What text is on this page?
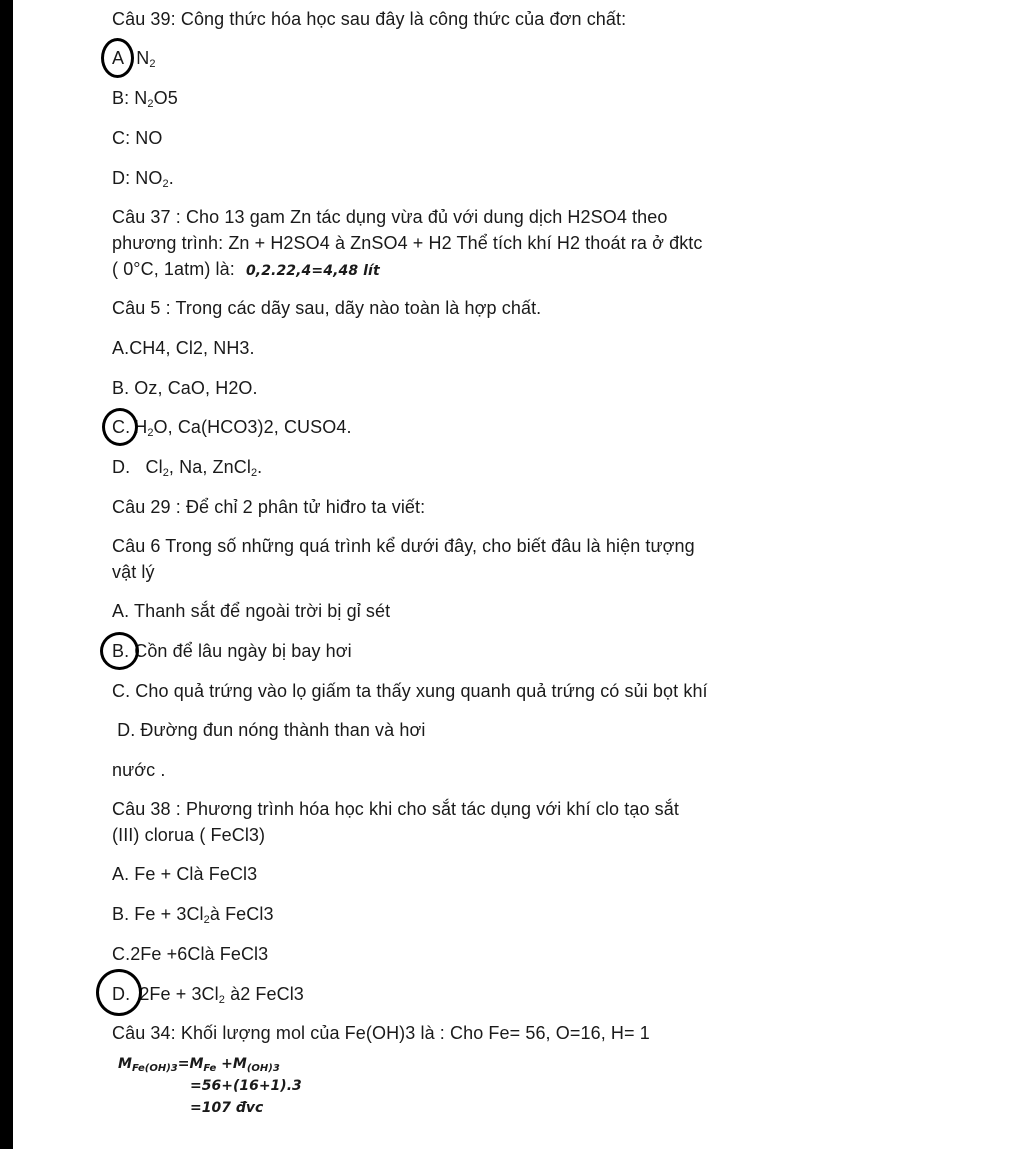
Câu 39: Công thức hóa học sau đây là công thức của đơn chất:
A $N_2$
B: $N_2O5$
C: NO
D: $NO_2$.
Câu 37 : Cho 13 gam Zn tác dụng vừa đủ với dung dịch H2SO4 theo
phương trình: Zn + H2SO4 à ZnSO4 + H2 Thể tích khí H2 thoát ra ở đktc
( 0°C, 1atm) là: 0,2.22,4=4,48 lít
Câu 5 : Trong các dãy sau, dãy nào toàn là hợp chất.
A.CH4, Cl2, NH3.
B. Oz, CaO, H2O.
C. $H_2O$, Ca(HCO3)2, CUSO4.
D.   $Cl_2$, Na, ZnCl$_2$.
Câu 29 : Để chỉ 2 phân tử hiđro ta viết:
Câu 6 Trong số những quá trình kể dưới đây, cho biết đâu là hiện tượng
vật lý
A. Thanh sắt để ngoài trời bị gỉ sét
B. Cồn để lâu ngày bị bay hơi
C. Cho quả trứng vào lọ giấm ta thấy xung quanh quả trứng có sủi bọt khí
D. Đường đun nóng thành than và hơi
nước .
Câu 38 : Phương trình hóa học khi cho sắt tác dụng với khí clo tạo sắt
(III) clorua ( FeCl3)
A. Fe + Clà FeCl3
B. $Fe + 3Cl_2à$ FeCl3
C.2Fe +6Clà FeCl3
D. $2Fe + 3Cl_2$ à2 FeCl3
Câu 34: Khối lượng mol của Fe(OH)3 là : Cho Fe= 56, O=16, H= 1
$M_{Fe(OH)3}=M_{Fe} +M_{(OH)3}$
=56+(16+1).3
=107 đvc
